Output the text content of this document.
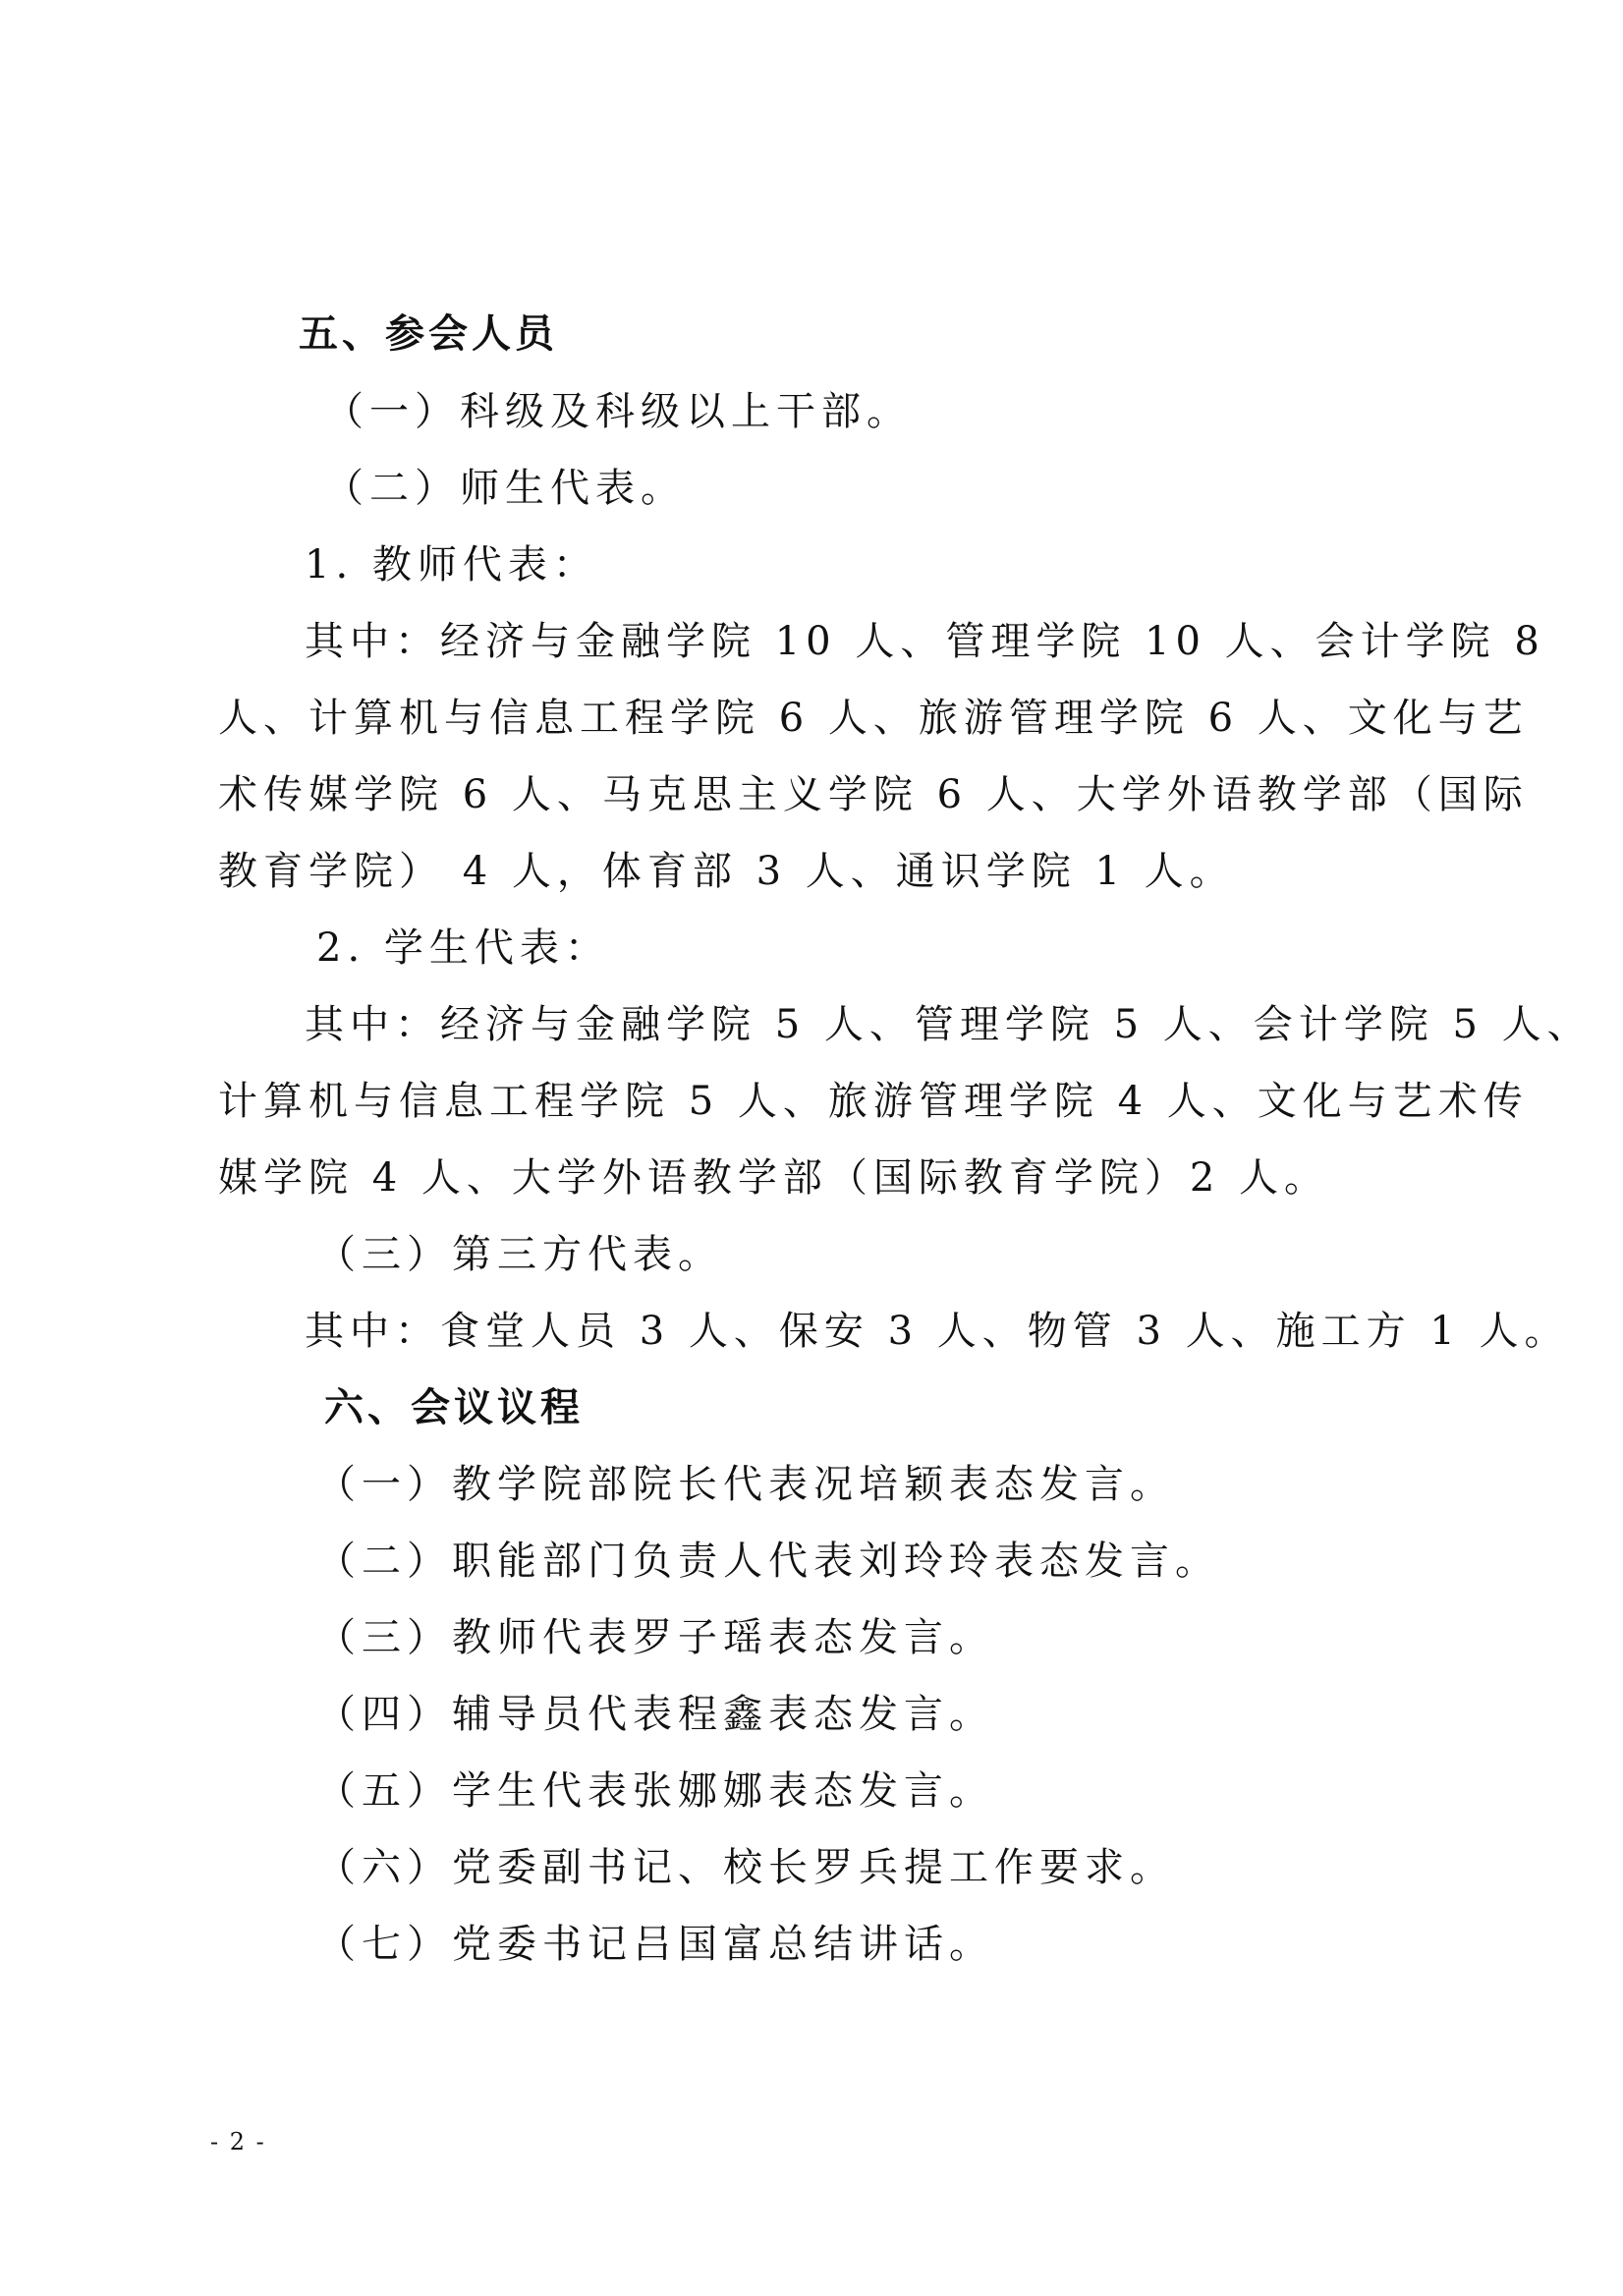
五、参会人员
（一）科级及科级以上干部。
（二）师生代表。
1. 教师代表：
其中：经济与金融学院 10 人、管理学院 10 人、会计学院 8
人、计算机与信息工程学院 6 人、旅游管理学院 6 人、文化与艺
术传媒学院 6 人、马克思主义学院 6 人、大学外语教学部（国际
教育学院） 4 人，体育部 3 人、通识学院 1 人。
2. 学生代表：
其中：经济与金融学院 5 人、管理学院 5 人、会计学院 5 人、
计算机与信息工程学院 5 人、旅游管理学院 4 人、文化与艺术传
媒学院 4 人、大学外语教学部（国际教育学院）2 人。
（三）第三方代表。
其中：食堂人员 3 人、保安 3 人、物管 3 人、施工方 1 人。
六、会议议程
（一）教学院部院长代表况培颖表态发言。
（二）职能部门负责人代表刘玲玲表态发言。
（三）教师代表罗子瑶表态发言。
（四）辅导员代表程鑫表态发言。
（五）学生代表张娜娜表态发言。
（六）党委副书记、校长罗兵提工作要求。
（七）党委书记吕国富总结讲话。
- 2 -
